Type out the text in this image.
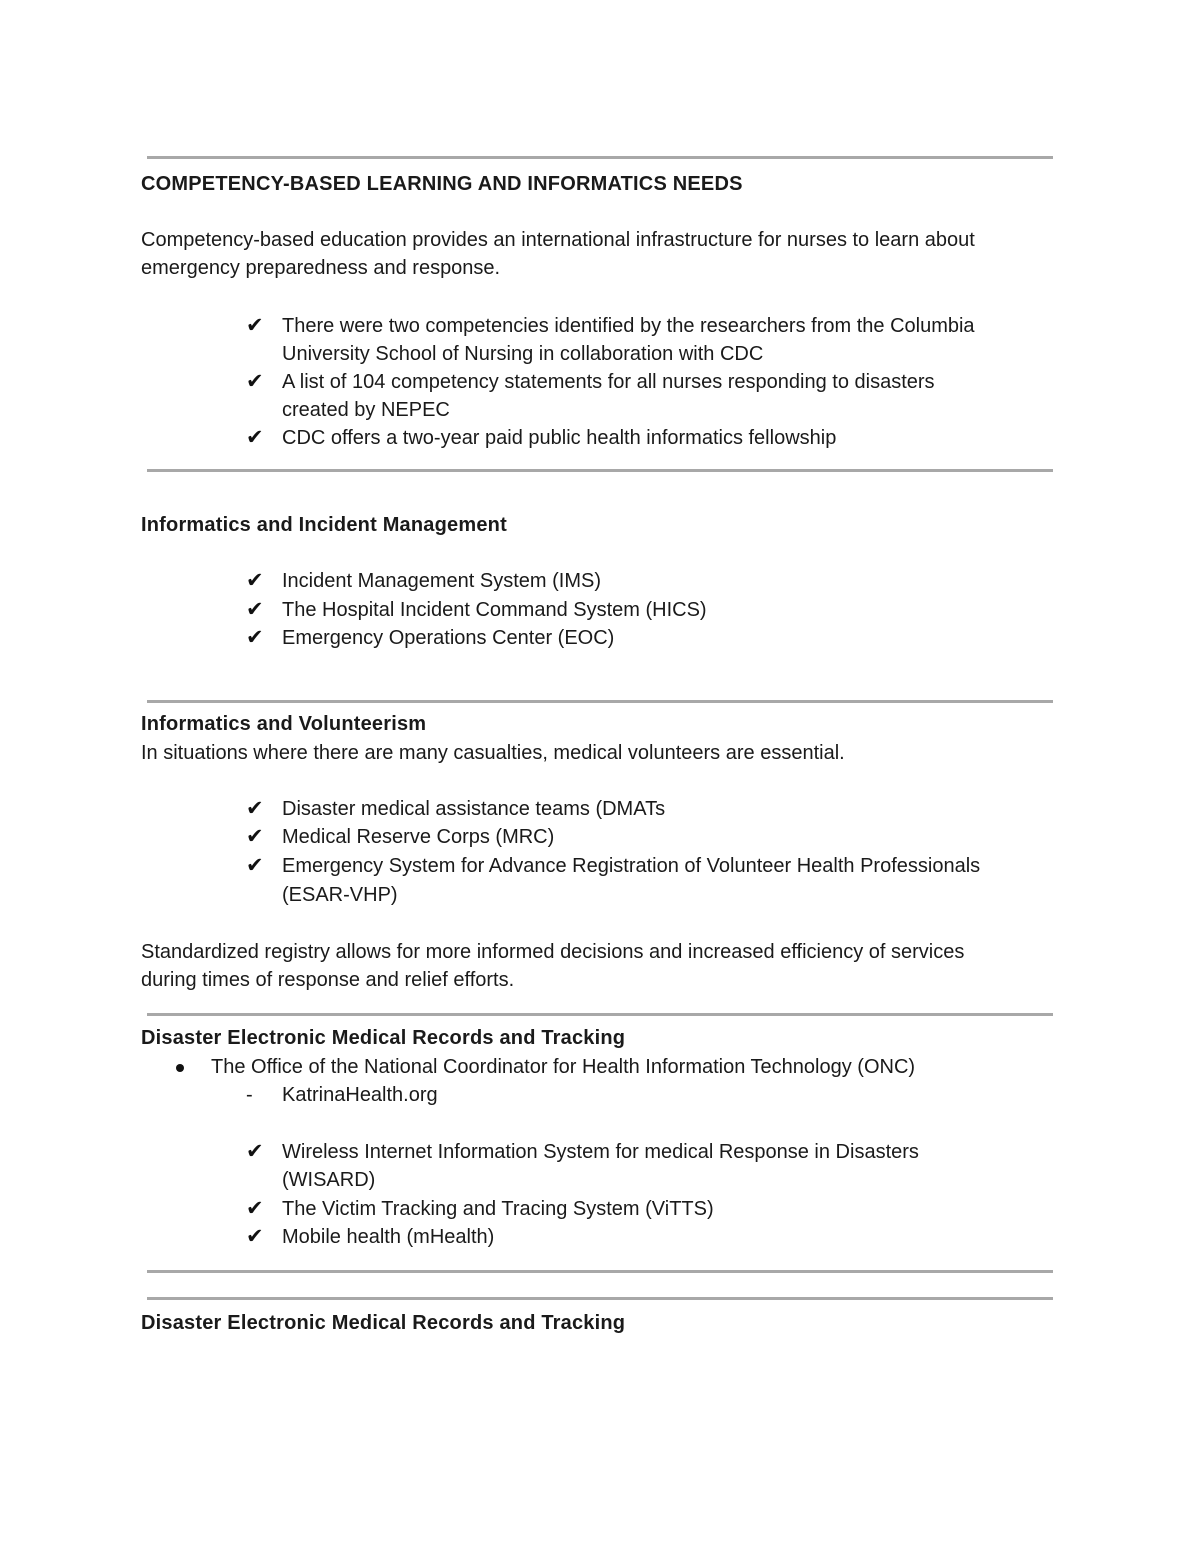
COMPETENCY-BASED LEARNING AND INFORMATICS NEEDS
Competency-based education provides an international infrastructure for nurses to learn about
emergency preparedness and response.
✔ There were two competencies identified by the researchers from the Columbia
University School of Nursing in collaboration with CDC
✔ A list of 104 competency statements for all nurses responding to disasters
created by NEPEC
✔ CDC offers a two-year paid public health informatics fellowship
Informatics and Incident Management
✔ Incident Management System (IMS)
✔ The Hospital Incident Command System (HICS)
✔ Emergency Operations Center (EOC)
Informatics and Volunteerism
In situations where there are many casualties, medical volunteers are essential.
✔ Disaster medical assistance teams (DMATs
✔ Medical Reserve Corps (MRC)
✔ Emergency System for Advance Registration of Volunteer Health Professionals
(ESAR-VHP)
Standardized registry allows for more informed decisions and increased efficiency of services
during times of response and relief efforts.
Disaster Electronic Medical Records and Tracking
The Office of the National Coordinator for Health Information Technology (ONC)
- KatrinaHealth.org
✔ Wireless Internet Information System for medical Response in Disasters
(WISARD)
✔ The Victim Tracking and Tracing System (ViTTS)
✔ Mobile health (mHealth)
Disaster Electronic Medical Records and Tracking
